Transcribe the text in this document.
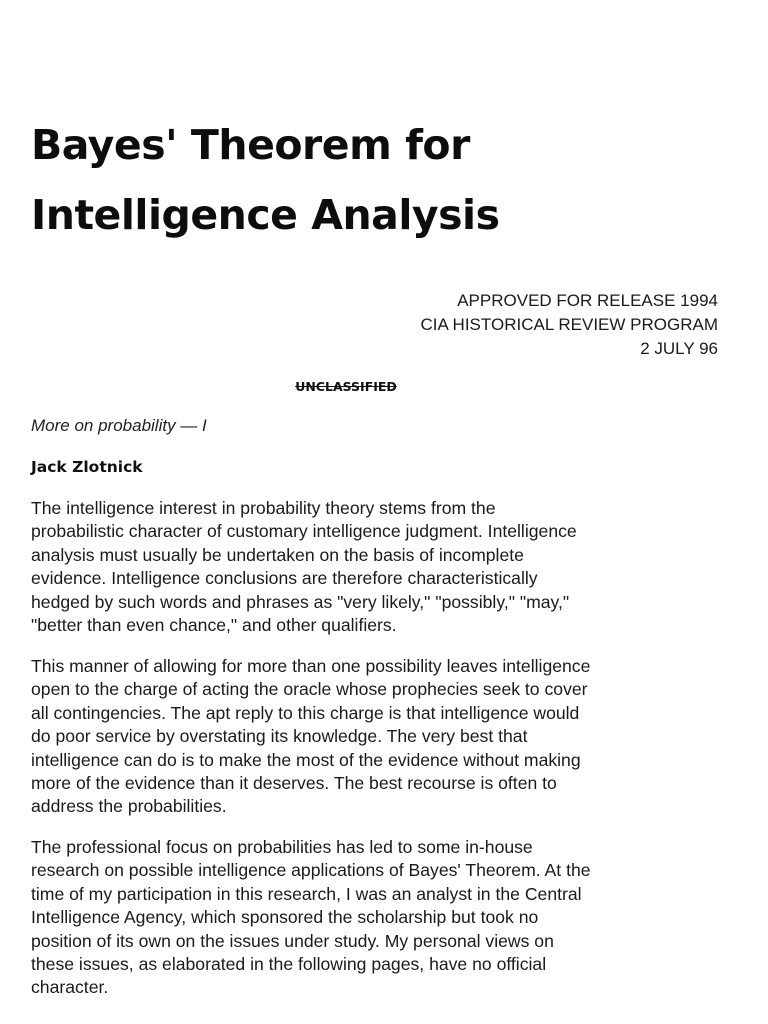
Bayes' Theorem for
Intelligence Analysis
APPROVED FOR RELEASE 1994
CIA HISTORICAL REVIEW PROGRAM
2 JULY 96
UNCLASSIFIED
More on probability — I
Jack Zlotnick

The intelligence interest in probability theory stems from the
probabilistic character of customary intelligence judgment. Intelligence
analysis must usually be undertaken on the basis of incomplete
evidence. Intelligence conclusions are therefore characteristically
hedged by such words and phrases as "very likely," "possibly," "may,"
"better than even chance," and other qualifiers.

This manner of allowing for more than one possibility leaves intelligence
open to the charge of acting the oracle whose prophecies seek to cover
all contingencies. The apt reply to this charge is that intelligence would
do poor service by overstating its knowledge. The very best that
intelligence can do is to make the most of the evidence without making
more of the evidence than it deserves. The best recourse is often to
address the probabilities.

The professional focus on probabilities has led to some in-house
research on possible intelligence applications of Bayes' Theorem. At the
time of my participation in this research, I was an analyst in the Central
Intelligence Agency, which sponsored the scholarship but took no
position of its own on the issues under study. My personal views on
these issues, as elaborated in the following pages, have no official
character.
